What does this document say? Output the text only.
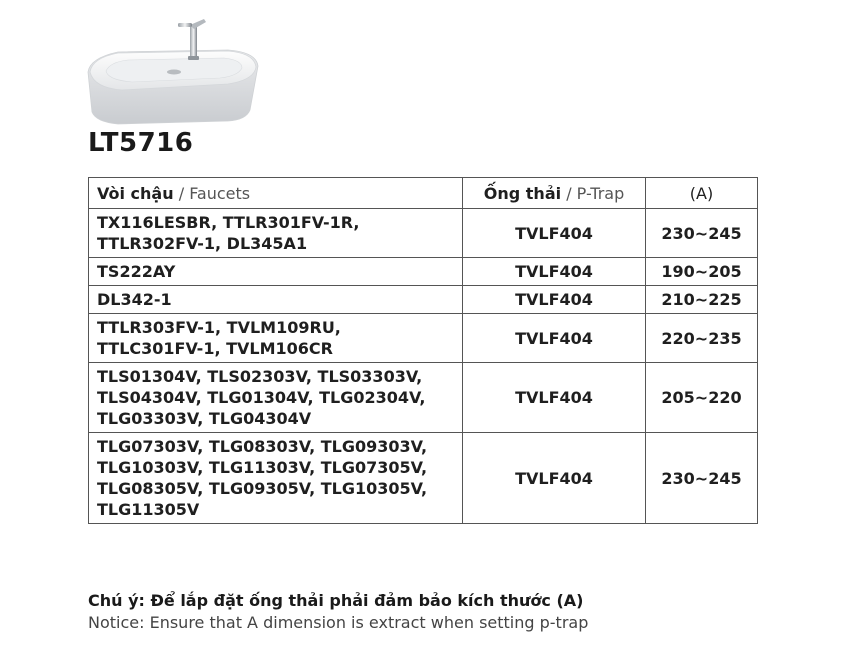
LT5716
Vòi chậu / Faucets	Ống thải / P-Trap	(A)

TX116LESBR, TTLR301FV-1R,
TTLR302FV-1, DL345A1	TVLF404	230~245

TS222AY	TVLF404	190~205

DL342-1	TVLF404	210~225

TTLR303FV-1, TVLM109RU,
TTLC301FV-1, TVLM106CR	TVLF404	220~235

TLS01304V, TLS02303V, TLS03303V,
TLS04304V, TLG01304V, TLG02304V,
TLG03303V, TLG04304V	TVLF404	205~220

TLG07303V, TLG08303V, TLG09303V,
TLG10303V, TLG11303V, TLG07305V,
TLG08305V, TLG09305V, TLG10305V,
TLG11305V	TVLF404	230~245
Chú ý: Để lắp đặt ống thải phải đảm bảo kích thước (A)
Notice: Ensure that A dimension is extract when setting p-trap
